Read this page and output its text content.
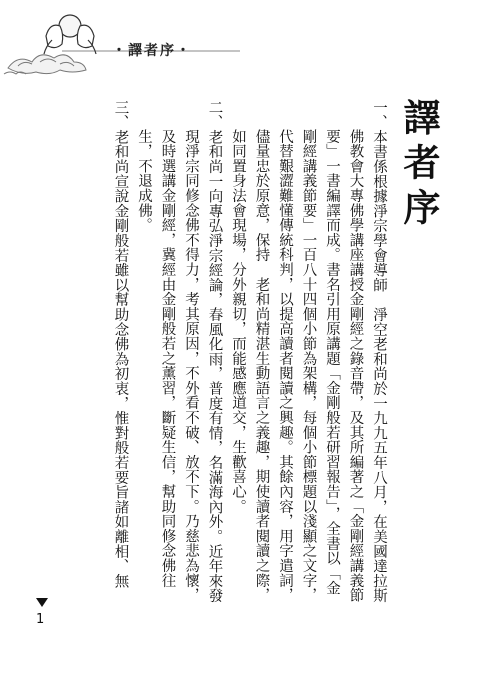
・譯者序・
譯者序
一、本書係根據淨宗學會導師　淨空老和尚於一九九五年八月，在美國達拉斯
佛教會大專佛學講座講授金剛經之錄音帶，及其所編著之「金剛經講義節
要」一書編譯而成。書名引用原講題「金剛般若研習報告」，全書以「金
剛經講義節要」一百八十四個小節為架構，每個小節標題以淺顯之文字，
代替艱澀難懂傳統科判，以提高讀者閱讀之興趣。其餘內容，用字遣詞，
儘量忠於原意，保持　老和尚精湛生動語言之義趣，期使讀者閱讀之際，
如同置身法會現場，分外親切，而能感應道交，生歡喜心。
二、老和尚一向專弘淨宗經論，春風化雨，普度有情，名滿海內外。近年來發
現淨宗同修念佛不得力，考其原因，不外看不破、放不下。乃慈悲為懷，
及時選講金剛經，冀經由金剛般若之薰習，斷疑生信，幫助同修念佛往
生，不退成佛。
三、老和尚宣說金剛般若雖以幫助念佛為初衷，惟對般若要旨諸如離相、無
1
